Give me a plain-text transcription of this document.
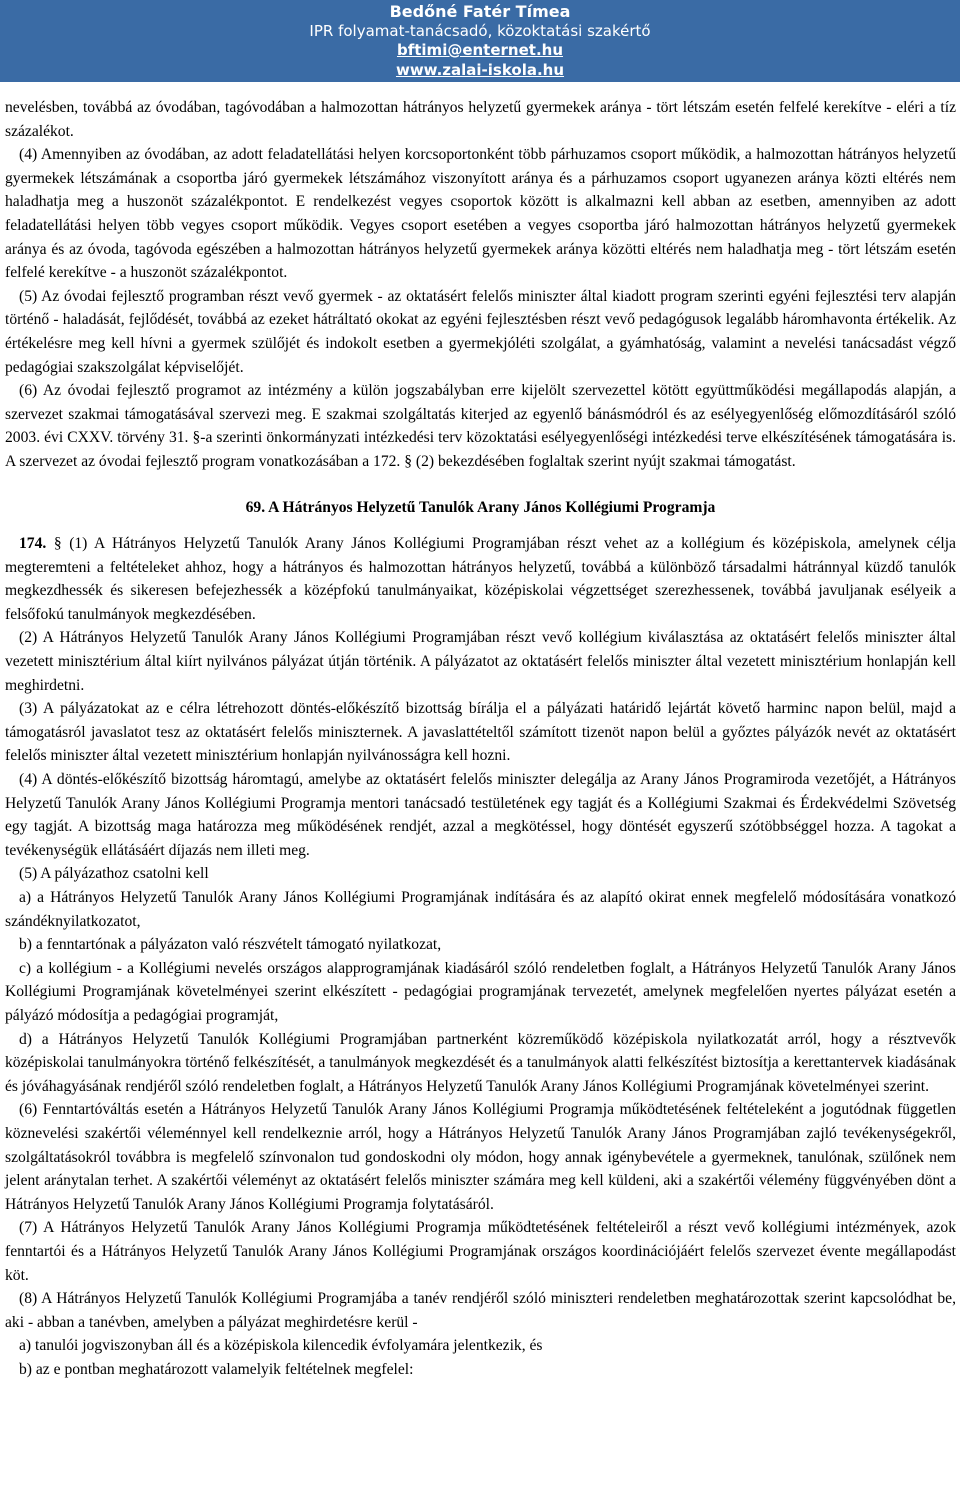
Bedőné Fatér Tímea
IPR folyamat-tanácsadó, közoktatási szakértő
bftimi@enternet.hu
www.zalai-iskola.hu

nevelésben, továbbá az óvodában, tagóvodában a halmozottan hátrányos helyzetű gyermekek aránya - tört létszám esetén felfelé kerekítve - eléri a tíz százalékot.

(4) Amennyiben az óvodában, az adott feladatellátási helyen korcsoportonként több párhuzamos csoport működik, a halmozottan hátrányos helyzetű gyermekek létszámának a csoportba járó gyermekek létszámához viszonyított aránya és a párhuzamos csoport ugyanezen aránya közti eltérés nem haladhatja meg a huszonöt százalékpontot. E rendelkezést vegyes csoportok között is alkalmazni kell abban az esetben, amennyiben az adott feladatellátási helyen több vegyes csoport működik. Vegyes csoport esetében a vegyes csoportba járó halmozottan hátrányos helyzetű gyermekek aránya és az óvoda, tagóvoda egészében a halmozottan hátrányos helyzetű gyermekek aránya közötti eltérés nem haladhatja meg - tört létszám esetén felfelé kerekítve - a huszonöt százalékpontot.

(5) Az óvodai fejlesztő programban részt vevő gyermek - az oktatásért felelős miniszter által kiadott program szerinti egyéni fejlesztési terv alapján történő - haladását, fejlődését, továbbá az ezeket hátráltató okokat az egyéni fejlesztésben részt vevő pedagógusok legalább háromhavonta értékelik. Az értékelésre meg kell hívni a gyermek szülőjét és indokolt esetben a gyermekjóléti szolgálat, a gyámhatóság, valamint a nevelési tanácsadást végző pedagógiai szakszolgálat képviselőjét.

(6) Az óvodai fejlesztő programot az intézmény a külön jogszabályban erre kijelölt szervezettel kötött együttműködési megállapodás alapján, a szervezet szakmai támogatásával szervezi meg. E szakmai szolgáltatás kiterjed az egyenlő bánásmódról és az esélyegyenlőség előmozdításáról szóló 2003. évi CXXV. törvény 31. §-a szerinti önkormányzati intézkedési terv közoktatási esélyegyenlőségi intézkedési terve elkészítésének támogatására is. A szervezet az óvodai fejlesztő program vonatkozásában a 172. § (2) bekezdésében foglaltak szerint nyújt szakmai támogatást.

69. A Hátrányos Helyzetű Tanulók Arany János Kollégiumi Programja

174. § (1) A Hátrányos Helyzetű Tanulók Arany János Kollégiumi Programjában részt vehet az a kollégium és középiskola, amelynek célja megteremteni a feltételeket ahhoz, hogy a hátrányos és halmozottan hátrányos helyzetű, továbbá a különböző társadalmi hátránnyal küzdő tanulók megkezdhessék és sikeresen befejezhessék a középfokú tanulmányaikat, középiskolai végzettséget szerezhessenek, továbbá javuljanak esélyeik a felsőfokú tanulmányok megkezdésében.

(2) A Hátrányos Helyzetű Tanulók Arany János Kollégiumi Programjában részt vevő kollégium kiválasztása az oktatásért felelős miniszter által vezetett minisztérium által kiírt nyilvános pályázat útján történik. A pályázatot az oktatásért felelős miniszter által vezetett minisztérium honlapján kell meghirdetni.

(3) A pályázatokat az e célra létrehozott döntés-előkészítő bizottság bírálja el a pályázati határidő lejártát követő harminc napon belül, majd a támogatásról javaslatot tesz az oktatásért felelős miniszternek. A javaslattételtől számított tizenöt napon belül a győztes pályázók nevét az oktatásért felelős miniszter által vezetett minisztérium honlapján nyilvánosságra kell hozni.

(4) A döntés-előkészítő bizottság háromtagú, amelybe az oktatásért felelős miniszter delegálja az Arany János Programiroda vezetőjét, a Hátrányos Helyzetű Tanulók Arany János Kollégiumi Programja mentori tanácsadó testületének egy tagját és a Kollégiumi Szakmai és Érdekvédelmi Szövetség egy tagját. A bizottság maga határozza meg működésének rendjét, azzal a megkötéssel, hogy döntését egyszerű szótöbbséggel hozza. A tagokat a tevékenységük ellátásáért díjazás nem illeti meg.

(5) A pályázathoz csatolni kell

a) a Hátrányos Helyzetű Tanulók Arany János Kollégiumi Programjának indítására és az alapító okirat ennek megfelelő módosítására vonatkozó szándéknyilatkozatot,

b) a fenntartónak a pályázaton való részvételt támogató nyilatkozat,

c) a kollégium - a Kollégiumi nevelés országos alapprogramjának kiadásáról szóló rendeletben foglalt, a Hátrányos Helyzetű Tanulók Arany János Kollégiumi Programjának követelményei szerint elkészített - pedagógiai programjának tervezetét, amelynek megfelelően nyertes pályázat esetén a pályázó módosítja a pedagógiai programját,

d) a Hátrányos Helyzetű Tanulók Kollégiumi Programjában partnerként közreműködő középiskola nyilatkozatát arról, hogy a résztvevők középiskolai tanulmányokra történő felkészítését, a tanulmányok megkezdését és a tanulmányok alatti felkészítést biztosítja a kerettantervek kiadásának és jóváhagyásának rendjéről szóló rendeletben foglalt, a Hátrányos Helyzetű Tanulók Arany János Kollégiumi Programjának követelményei szerint.

(6) Fenntartóváltás esetén a Hátrányos Helyzetű Tanulók Arany János Kollégiumi Programja működtetésének feltételeként a jogutódnak független köznevelési szakértői véleménnyel kell rendelkeznie arról, hogy a Hátrányos Helyzetű Tanulók Arany János Programjában zajló tevékenységekről, szolgáltatásokról továbbra is megfelelő színvonalon tud gondoskodni oly módon, hogy annak igénybevétele a gyermeknek, tanulónak, szülőnek nem jelent aránytalan terhet. A szakértői véleményt az oktatásért felelős miniszter számára meg kell küldeni, aki a szakértői vélemény függvényében dönt a Hátrányos Helyzetű Tanulók Arany János Kollégiumi Programja folytatásáról.

(7) A Hátrányos Helyzetű Tanulók Arany János Kollégiumi Programja működtetésének feltételeiről a részt vevő kollégiumi intézmények, azok fenntartói és a Hátrányos Helyzetű Tanulók Arany János Kollégiumi Programjának országos koordinációjáért felelős szervezet évente megállapodást köt.

(8) A Hátrányos Helyzetű Tanulók Kollégiumi Programjába a tanév rendjéről szóló miniszteri rendeletben meghatározottak szerint kapcsolódhat be, aki - abban a tanévben, amelyben a pályázat meghirdetésre kerül -

a) tanulói jogviszonyban áll és a középiskola kilencedik évfolyamára jelentkezik, és

b) az e pontban meghatározott valamelyik feltételnek megfelel:
